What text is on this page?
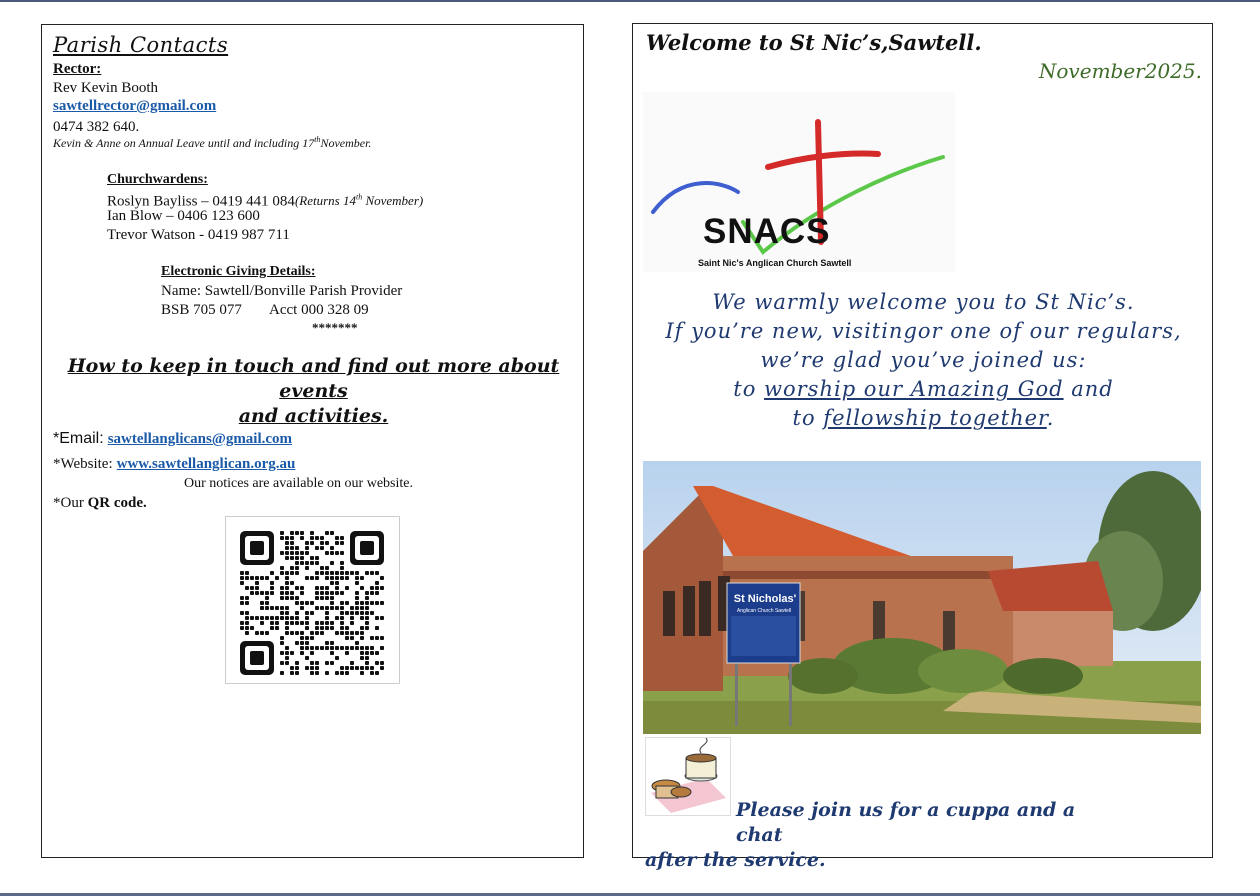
Parish Contacts
Rector:
Rev Kevin Booth
sawtellrector@gmail.com
0474 382 640.
Kevin & Anne on Annual Leave until and including 17thNovember.
Churchwardens:
Roslyn Bayliss – 0419 441 084(Returns 14th November)
Ian Blow – 0406 123 600
Trevor Watson - 0419 987 711
Electronic Giving Details:
Name: Sawtell/Bonville Parish Provider
BSB 705 077 Acct 000 328 09
*******
How to keep in touch and find out more about events
and activities.
*Email: sawtellanglicans@gmail.com
*Website: www.sawtellanglican.org.au
Our notices are available on our website.
*Our QR code.
Welcome to St Nic’s,Sawtell.
November2025.
SNACS
Saint Nic's Anglican Church Sawtell
We warmly welcome you to St Nic’s.
If you’re new, visitingor one of our regulars,
we’re glad you’ve joined us:
to worship our Amazing God and
to fellowship together.
St Nicholas'
Anglican Church Sawtell
Please join us for a cuppa and a chat
after the service.
